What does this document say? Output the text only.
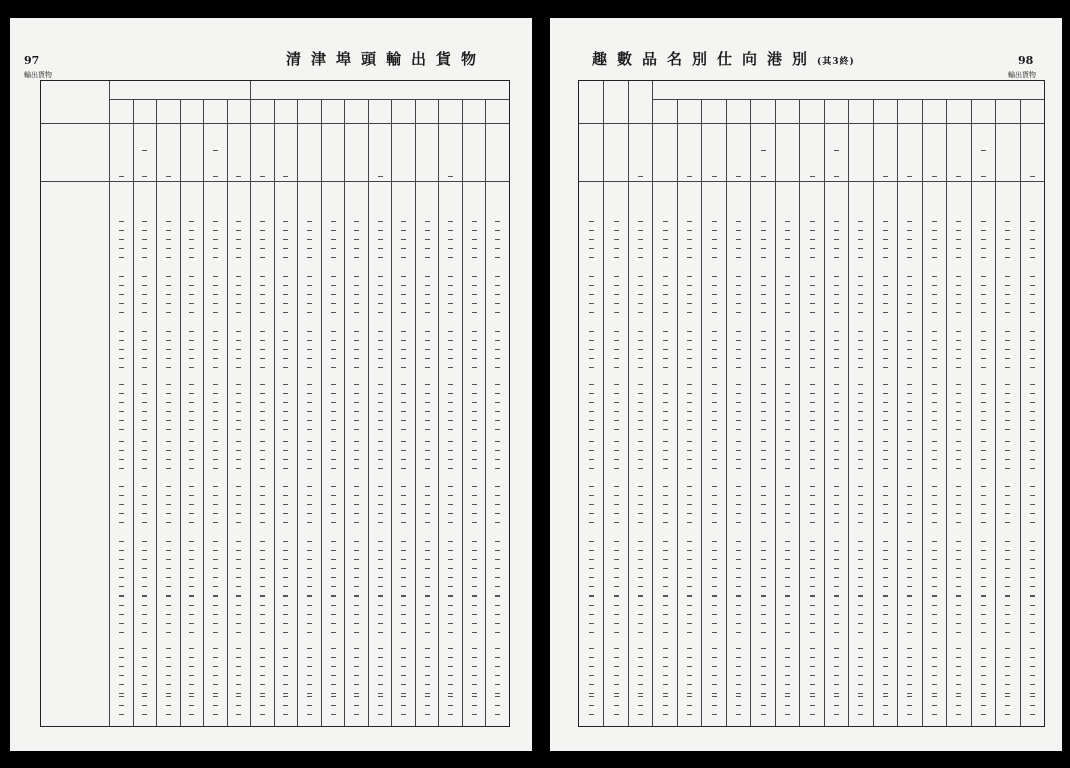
97
輸出貨物
清津埠頭輸出貨物	趣數品名別仕向港別(其3終)	98
輸出貨物
